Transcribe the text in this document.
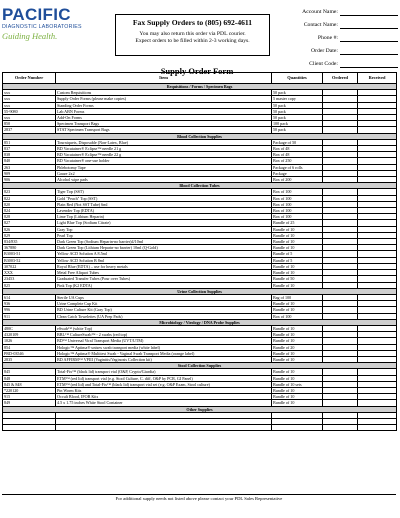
PACIFIC
DIAGNOSTIC LABORATORIES
Guiding Health.
Fax Supply Orders to (805) 692-4611
You may also return this order via PDL courier.
Expect orders to be filled within 2-3 working days.
Account Name:
Contact Name:
Phone #:
Order Date:
Client Code:
Supply Order Form
Order Number	Item	Quantities	Ordered	Received
Requisitions / Forms / Specimen Bags				
xxx	Custom Requisitions	50 pack		
xxx	Supply Order Forms (please make copies)	5 master copy		
xxx	Standing Order Forms	50 pack		
55-9080	Lab ABN Forms	50 pack		
xxx	Add-On Forms	50 pack		
850	Specimen Transport Bags	100 pack		
2837	STAT Specimen Transport Bags	50 pack		
Blood Collection Supplies				
851	Tourniquets, Disposable (Non-Latex, Blue)	Package of 50		
837	BD Vacutainer® Eclipse™ needle 21 g	Box of 48		
838	BD Vacutainer® Eclipse™ needle 22 g	Box of 48		
840	BD Vacutainer® one-use holder	Box of 250		
263	Phlebotomy Tape	Package of 6 rolls		
909	Gauze 2x2	Package		
906	Alcohol wipe pads	Box of 200		
Blood Collection Tubes				
823	Tiger Top (SST)	Box of 100		
822	Gold "Peach" Top (SST)	Box of 100		
820	Plain Red (Not SST Tube) 6ml	Box of 100		
824	Lavender Top (EDTA)	Box of 100		
828	Lime Top (Lithium Heparin)	Box of 100		
827	Light Blue Top (Sodium Citrate)	Bundle of 25		
826	Gray Top	Bundle of 10		
829	Pearl Top	Bundle of 10		
834/835	Dark Green Top (Sodium Heparin-no barrier)4/10ml	Bundle of 10		
367880	Dark Green Top (Lithium Heparin-no barrier) 10ml (Q-Gold)	Bundle of 10		
B3003-51	Yellow ACD Solution A 8.5ml	Bundle of 5		
B3003-52	Yellow ACD Solution B 8ml	Bundle of 5		
307022	Royal Blue (EDTA) – use for heavy metals	Bundle of 10		
XXX	Metal Free Aliquot Tubes	Bundle of 10		
23453	Graduated Transfer Tubes (Pour over Tubes)	Bundle of 50		
825	Pink Top (K2 EDTA)	Bundle of 10		
Urine Collection Supplies				
614	Sterile UA Cups	Bag of 100		
936	Urine Complete Cup Kit	Bundle of 10		
996	BD Urine Culture Kit (Gray Top)	Bundle of 10		
911	Clean Catch Towelettes (UA Prep Pads)	Box of 100		
Microbiology / Virology / DNA Probe Supplies				
480C	eSwab™ (white Top)	Bundle of 10		
4320109	BBL™ CultureSwab™ - 2 swabs (red top)	Bundle of 10		
1026	BD™ Universal Viral Transport Media (UVT/UTM)	Bundle of 10		
854	Hologic™ Aptima® unisex swab transport media (white label)	Bundle of 20		
PRD-03546	Hologic™ Aptima® Multitest Swab - Vaginal Swab Transport Media (orange label)	Bundle of 10		
2835	BD AFFIRM™ VPIII (Vaginitis/Vaginosis Collection kit)	Bundle of 10		
Stool Collection Supplies				
845	Total-Fix™ (black lid) transport vial (O&P, Crypto/Giardia)	Bundle of 10		
848	ETM™ (red lid) transport vial (e.g. Stool Culture, C. diff, O&P by PCR, GI Panel)	Bundle of 10		
845 & 848	ETM™ (red lid) and Total-Fix™ (black lid) transport vial set (e.g. O&P Exam, Stool culture)	Bundle of 10 sets		
*220120	Pin Worm Kits	Bundle of 10		
915	Occult Blood, IFOB Kits	Bundle of 10		
849	4.5 x 1.75 inches White Stool Container	Bundle of 10		
Other Supplies				

For additional supply needs not listed above please contact your PDL Sales Representative
